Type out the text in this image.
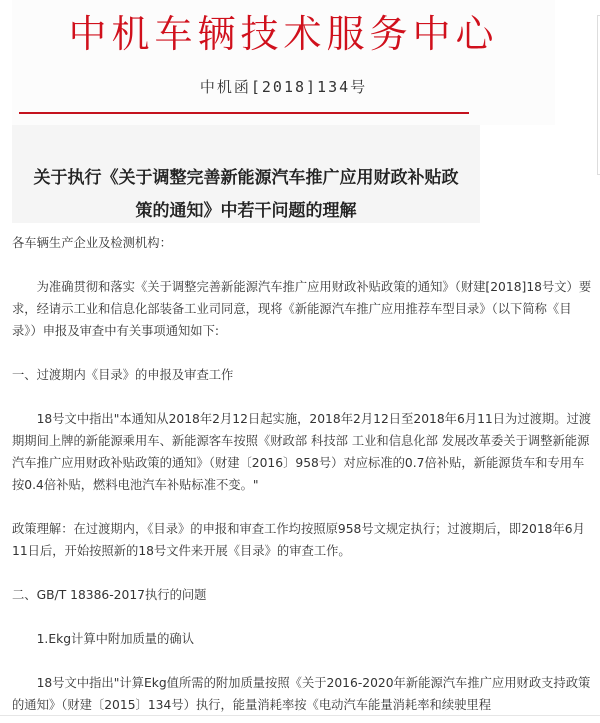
中机车辆技术服务中心
中机函[2018]134号
关于执行《关于调整完善新能源汽车推广应用财政补贴政
策的通知》中若干问题的理解

各车辆生产企业及检测机构：

为准确贯彻和落实《关于调整完善新能源汽车推广应用财政补贴政策的通知》（财建[2018]18号文）要求，经请示工业和信息化部装备工业司同意，现将《新能源汽车推广应用推荐车型目录》（以下简称《目录》）申报及审查中有关事项通知如下:

一、过渡期内《目录》的申报及审查工作

18号文中指出"本通知从2018年2月12日起实施，2018年2月12日至2018年6月11日为过渡期。过渡期期间上牌的新能源乘用车、新能源客车按照《财政部 科技部 工业和信息化部 发展改革委关于调整新能源汽车推广应用财政补贴政策的通知》（财建〔2016〕958号）对应标准的0.7倍补贴，新能源货车和专用车按0.4倍补贴，燃料电池汽车补贴标准不变。"

政策理解：在过渡期内，《目录》的申报和审查工作均按照原958号文规定执行；过渡期后，即2018年6月11日后，开始按照新的18号文件来开展《目录》的审查工作。

二、GB/T 18386-2017执行的问题

1.Ekg计算中附加质量的确认

18号文中指出"计算Ekg值所需的附加质量按照《关于2016-2020年新能源汽车推广应用财政支持政策的通知》（财建〔2015〕134号）执行，能量消耗率按《电动汽车能量消耗率和续驶里程
